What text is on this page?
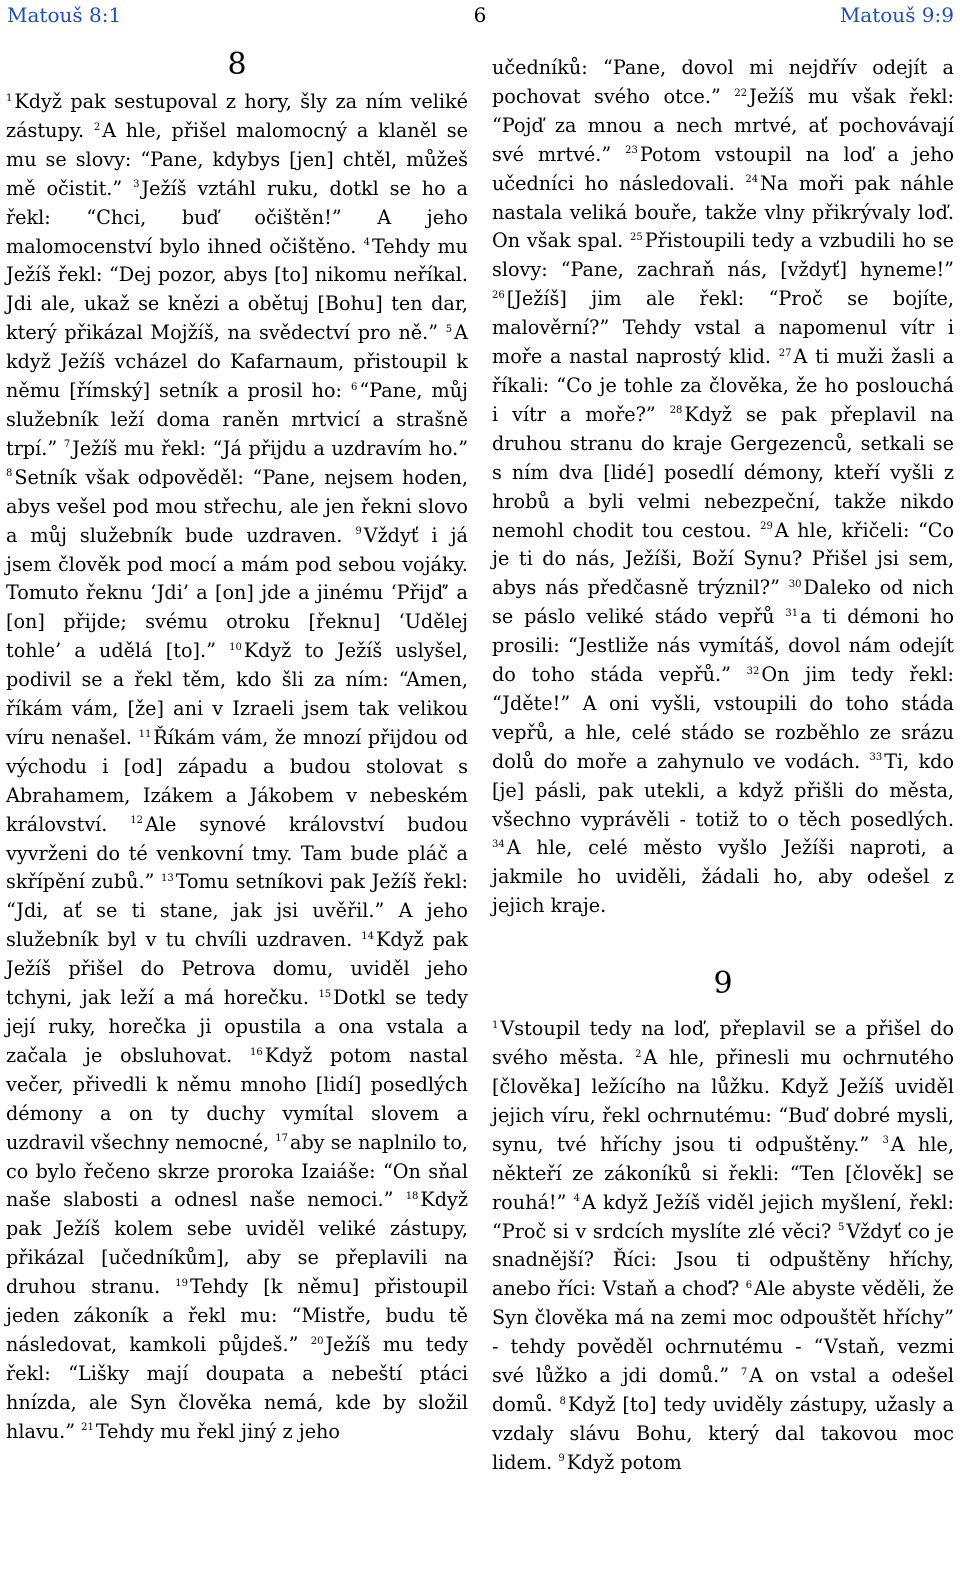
Matouš 8:1	6	Matouš 9:9
8

$^1$ Když pak sestupoval z hory, šly za ním veliké zástupy. $^2$ A hle, přišel malomocný a klaněl se mu se slovy: “Pane, kdybys [jen] chtěl, můžeš mě očistit.” $^3$ Ježíš vztáhl ruku, dotkl se ho a řekl: “Chci, buď očištěn!” A jeho malomocenství bylo ihned očištěno. $^4$ Tehdy mu Ježíš řekl: “Dej pozor, abys [to] nikomu neříkal. Jdi ale, ukaž se knězi a obětuj [Bohu] ten dar, který přikázal Mojžíš, na svědectví pro ně.” $^5$ A když Ježíš vcházel do Kafarnaum, přistoupil k němu [římský] setník a prosil ho: $^6$ “Pane, můj služebník leží doma raněn mrtvicí a strašně trpí.” $^7$ Ježíš mu řekl: “Já přijdu a uzdravím ho.” $^8$ Setník však odpověděl: “Pane, nejsem hoden, abys vešel pod mou střechu, ale jen řekni slovo a můj služebník bude uzdraven. $^9$ Vždyť i já jsem člověk pod mocí a mám pod sebou vojáky. Tomuto řeknu ‘Jdi’ a [on] jde a jinému ‘Přijď’ a [on] přijde; svému otroku [řeknu] ‘Udělej tohle’ a udělá [to].” $^{10}$ Když to Ježíš uslyšel, podivil se a řekl těm, kdo šli za ním: “Amen, říkám vám, [že] ani v Izraeli jsem tak velikou víru nenašel. $^{11}$ Říkám vám, že mnozí přijdou od východu i [od] západu a budou stolovat s Abrahamem, Izákem a Jákobem v nebeském království. $^{12}$ Ale synové království budou vyvrženi do té venkovní tmy. Tam bude pláč a skřípění zubů.” $^{13}$ Tomu setníkovi pak Ježíš řekl: “Jdi, ať se ti stane, jak jsi uvěřil.” A jeho služebník byl v tu chvíli uzdraven. $^{14}$ Když pak Ježíš přišel do Petrova domu, uviděl jeho tchyni, jak leží a má horečku. $^{15}$ Dotkl se tedy její ruky, horečka ji opustila a ona vstala a začala je obsluhovat. $^{16}$ Když potom nastal večer, přivedli k němu mnoho [lidí] posedlých démony a on ty duchy vymítal slovem a uzdravil všechny nemocné, $^{17}$ aby se naplnilo to, co bylo řečeno skrze proroka Izaiáše: “On sňal naše slabosti a odnesl naše nemoci.” $^{18}$ Když pak Ježíš kolem sebe uviděl veliké zástupy, přikázal [učedníkům], aby se přeplavili na druhou stranu. $^{19}$ Tehdy [k němu] přistoupil jeden zákoník a řekl mu: “Mistře, budu tě následovat, kamkoli půjdeš.” $^{20}$ Ježíš mu tedy řekl: “Lišky mají doupata a nebeští ptáci hnízda, ale Syn člověka nemá, kde by složil hlavu.” $^{21}$ Tehdy mu řekl jiný z jeho

učedníků: “Pane, dovol mi nejdřív odejít a pochovat svého otce.” $^{22}$ Ježíš mu však řekl: “Pojď za mnou a nech mrtvé, ať pochovávají své mrtvé.” $^{23}$ Potom vstoupil na loď a jeho učedníci ho následovali. $^{24}$ Na moři pak náhle nastala veliká bouře, takže vlny přikrývaly loď. On však spal. $^{25}$ Přistoupili tedy a vzbudili ho se slovy: “Pane, zachraň nás, [vždyť] hyneme!” $^{26}$ [Ježíš] jim ale řekl: “Proč se bojíte, malověrní?” Tehdy vstal a napomenul vítr i moře a nastal naprostý klid. $^{27}$ A ti muži žasli a říkali: “Co je tohle za člověka, že ho poslouchá i vítr a moře?” $^{28}$ Když se pak přeplavil na druhou stranu do kraje Gergezenců, setkali se s ním dva [lidé] posedlí démony, kteří vyšli z hrobů a byli velmi nebezpeční, takže nikdo nemohl chodit tou cestou. $^{29}$ A hle, křičeli: “Co je ti do nás, Ježíši, Boží Synu? Přišel jsi sem, abys nás předčasně trýznil?” $^{30}$ Daleko od nich se páslo veliké stádo vepřů $^{31}$ a ti démoni ho prosili: “Jestliže nás vymítáš, dovol nám odejít do toho stáda vepřů.” $^{32}$ On jim tedy řekl: “Jděte!” A oni vyšli, vstoupili do toho stáda vepřů, a hle, celé stádo se rozběhlo ze srázu dolů do moře a zahynulo ve vodách. $^{33}$ Ti, kdo [je] pásli, pak utekli, a když přišli do města, všechno vyprávěli - totiž to o těch posedlých. $^{34}$ A hle, celé město vyšlo Ježíši naproti, a jakmile ho uviděli, žádali ho, aby odešel z jejich kraje.

9

$^1$ Vstoupil tedy na loď, přeplavil se a přišel do svého města. $^2$ A hle, přinesli mu ochrnutého [člověka] ležícího na lůžku. Když Ježíš uviděl jejich víru, řekl ochrnutému: “Buď dobré mysli, synu, tvé hříchy jsou ti odpuštěny.” $^3$ A hle, někteří ze zákoníků si řekli: “Ten [člověk] se rouhá!” $^4$ A když Ježíš viděl jejich myšlení, řekl: “Proč si v srdcích myslíte zlé věci? $^5$ Vždyť co je snadnější? Říci: Jsou ti odpuštěny hříchy, anebo říci: Vstaň a choď? $^6$ Ale abyste věděli, že Syn člověka má na zemi moc odpouštět hříchy” - tehdy pověděl ochrnutému - “Vstaň, vezmi své lůžko a jdi domů.” $^7$ A on vstal a odešel domů. $^8$ Když [to] tedy uviděly zástupy, užasly a vzdaly slávu Bohu, který dal takovou moc lidem. $^9$ Když potom
